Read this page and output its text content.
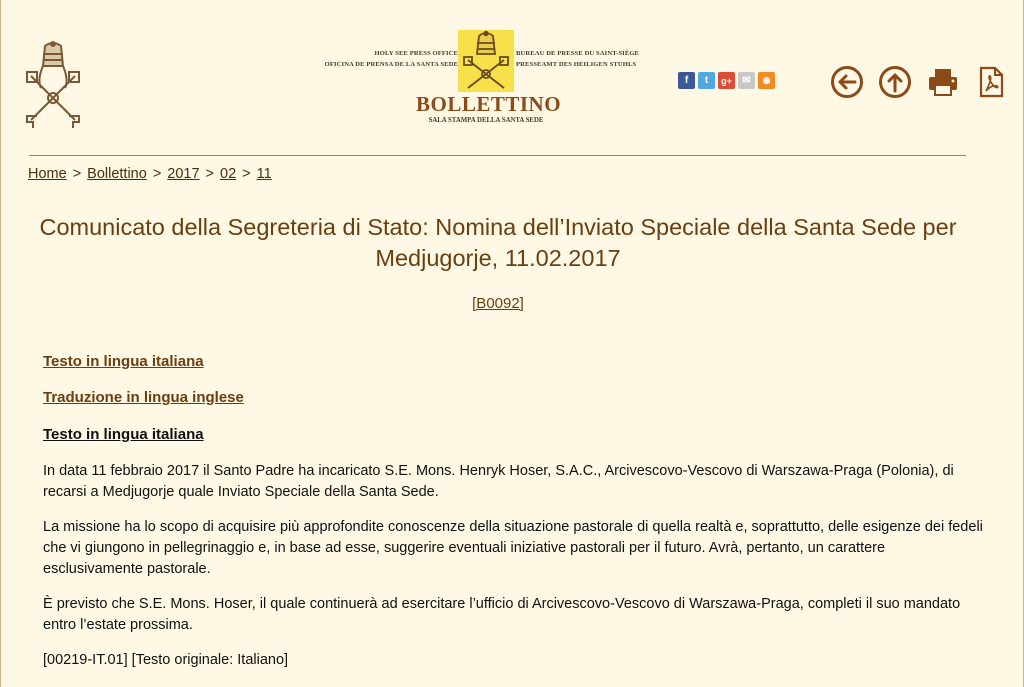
HOLY SEE PRESS OFFICE
OFICINA DE PRENSA DE LA SANTA SEDE
BUREAU DE PRESSE DU SAINT-SIÈGE
PRESSEAMT DES HEILIGEN STUHLS
BOLLETTINO
SALA STAMPA DELLA SANTA SEDE
f	t	g+	✉	◉
Home > Bollettino > 2017 > 02 > 11
Comunicato della Segreteria di Stato: Nomina dell’Inviato Speciale della Santa Sede per Medjugorje, 11.02.2017
[B0092]
Testo in lingua italiana
Traduzione in lingua inglese
Testo in lingua italiana

In data 11 febbraio 2017 il Santo Padre ha incaricato S.E. Mons. Henryk Hoser, S.A.C., Arcivescovo-Vescovo di Warszawa-Praga (Polonia), di recarsi a Medjugorje quale Inviato Speciale della Santa Sede.

La missione ha lo scopo di acquisire più approfondite conoscenze della situazione pastorale di quella realtà e, soprattutto, delle esigenze dei fedeli che vi giungono in pellegrinaggio e, in base ad esse, suggerire eventuali iniziative pastorali per il futuro. Avrà, pertanto, un carattere esclusivamente pastorale.

È previsto che S.E. Mons. Hoser, il quale continuerà ad esercitare l’ufficio di Arcivescovo-Vescovo di Warszawa-Praga, completi il suo mandato entro l’estate prossima.

[00219-IT.01] [Testo originale: Italiano]
